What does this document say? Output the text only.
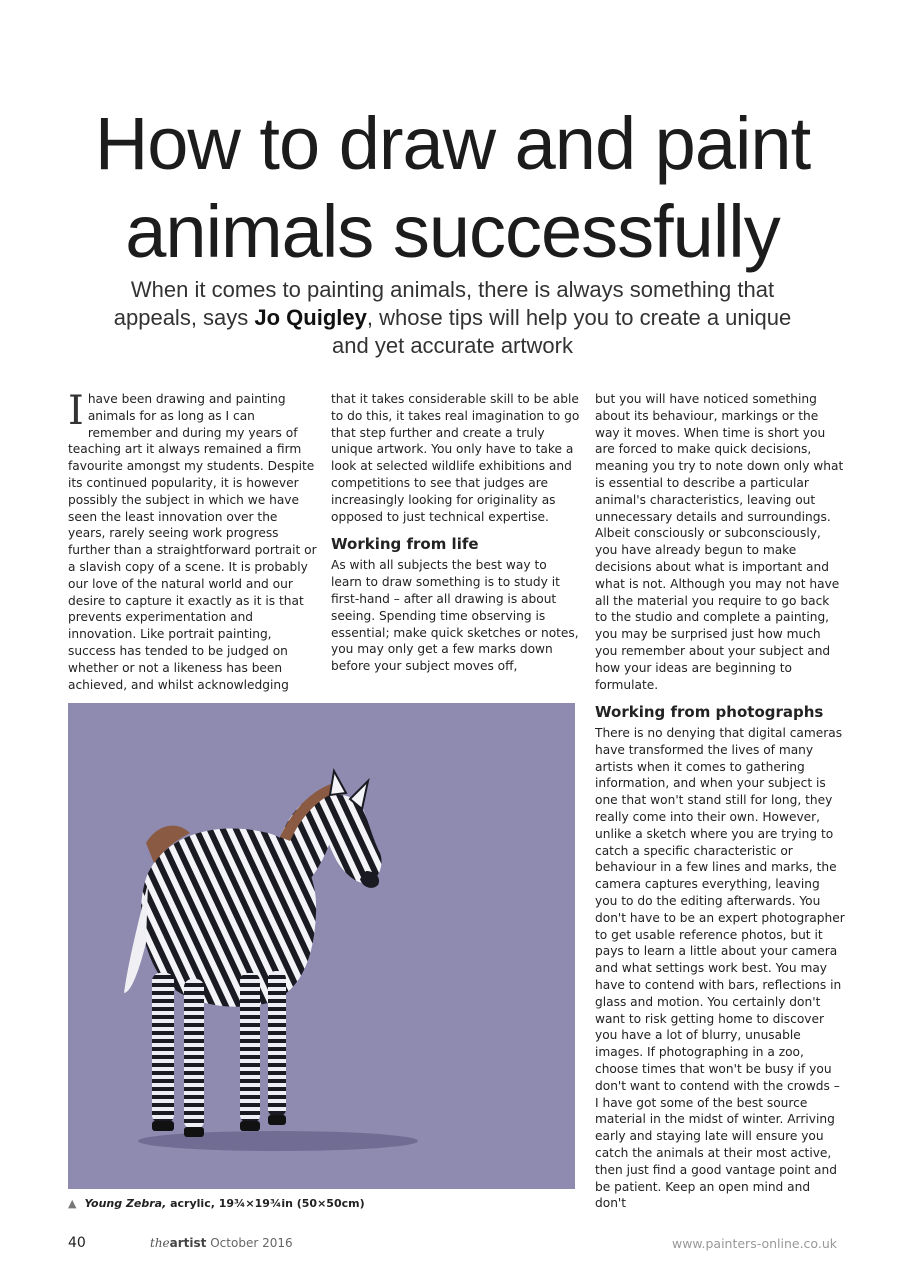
How to draw and paint
animals successfully
When it comes to painting animals, there is always something that appeals, says Jo Quigley, whose tips will help you to create a unique and yet accurate artwork
I have been drawing and painting animals for as long as I can remember and during my years of teaching art it always remained a firm favourite amongst my students. Despite its continued popularity, it is however possibly the subject in which we have seen the least innovation over the years, rarely seeing work progress further than a straightforward portrait or a slavish copy of a scene. It is probably our love of the natural world and our desire to capture it exactly as it is that prevents experimentation and innovation. Like portrait painting, success has tended to be judged on whether or not a likeness has been achieved, and whilst acknowledging

that it takes considerable skill to be able to do this, it takes real imagination to go that step further and create a truly unique artwork. You only have to take a look at selected wildlife exhibitions and competitions to see that judges are increasingly looking for originality as opposed to just technical expertise.

Working from life

As with all subjects the best way to learn to draw something is to study it first-hand – after all drawing is about seeing. Spending time observing is essential; make quick sketches or notes, you may only get a few marks down before your subject moves off,

but you will have noticed something about its behaviour, markings or the way it moves. When time is short you are forced to make quick decisions, meaning you try to note down only what is essential to describe a particular animal's characteristics, leaving out unnecessary details and surroundings. Albeit consciously or subconsciously, you have already begun to make decisions about what is important and what is not. Although you may not have all the material you require to go back to the studio and complete a painting, you may be surprised just how much you remember about your subject and how your ideas are beginning to formulate.

Working from photographs

There is no denying that digital cameras have transformed the lives of many artists when it comes to gathering information, and when your subject is one that won't stand still for long, they really come into their own. However, unlike a sketch where you are trying to catch a specific characteristic or behaviour in a few lines and marks, the camera captures everything, leaving you to do the editing afterwards. You don't have to be an expert photographer to get usable reference photos, but it pays to learn a little about your camera and what settings work best. You may have to contend with bars, reflections in glass and motion. You certainly don't want to risk getting home to discover you have a lot of blurry, unusable images. If photographing in a zoo, choose times that won't be busy if you don't want to contend with the crowds – I have got some of the best source material in the midst of winter. Arriving early and staying late will ensure you catch the animals at their most active, then just find a good vantage point and be patient. Keep an open mind and don't

▲ Young Zebra, acrylic, 19¾×19¾in (50×50cm)
40	theartist October 2016	www.painters-online.co.uk
